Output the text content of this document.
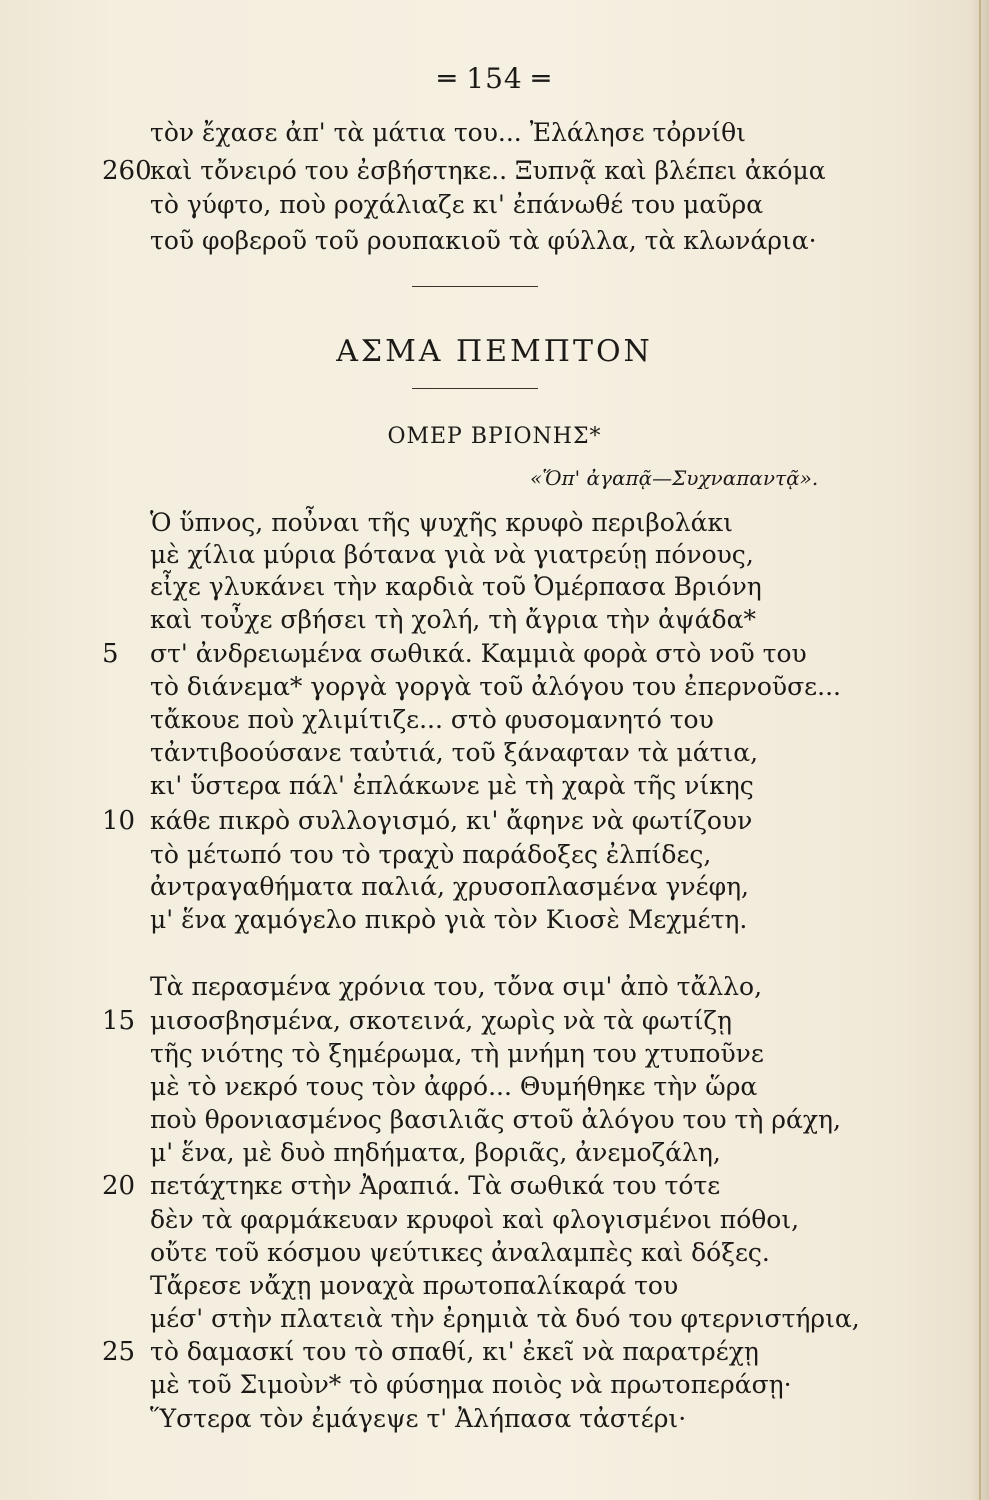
═ 154 ═
τὸν ἔχασε ἀπ' τὰ μάτια του... Ἐλάλησε τὀρνίθι
260
καὶ τὄνειρό του ἐσβήστηκε.. Ξυπνᾷ καὶ βλέπει ἀκόμα
τὸ γύφτο, ποὺ ροχάλιαζε κι' ἐπάνωθέ του μαῦρα
τοῦ φοβεροῦ τοῦ ρουπακιοῦ τὰ φύλλα, τὰ κλωνάρια·
ΑΣΜΑ ΠΕΜΠΤΟΝ
ΟΜΕΡ ΒΡΙΟΝΗΣ*
«Ὅπ' ἀγαπᾷ—Συχναπαντᾷ».
Ὁ ὕπνος, ποὖναι τῆς ψυχῆς κρυφὸ περιβολάκι
μὲ χίλια μύρια βότανα γιὰ νὰ γιατρεύῃ πόνους,
εἶχε γλυκάνει τὴν καρδιὰ τοῦ Ὀμέρπασα Βριόνη
καὶ τοὖχε σβήσει τὴ χολή, τὴ ἄγρια τὴν ἀψάδα*
5	στ' ἀνδρειωμένα σωθικά. Καμμιὰ φορὰ στὸ νοῦ του
τὸ διάνεμα* γοργὰ γοργὰ τοῦ ἀλόγου του ἐπερνοῦσε...
τἄκουε ποὺ χλιμίτιζε... στὸ φυσομανητό του
τἀντιβοούσανε ταὐτιά, τοῦ ξάναφταν τὰ μάτια,
κι' ὕστερα πάλ' ἐπλάκωνε μὲ τὴ χαρὰ τῆς νίκης
10 κάθε πικρὸ συλλογισμό, κι' ἄφηνε νὰ φωτίζουν
τὸ μέτωπό του τὸ τραχὺ παράδοξες ἐλπίδες,
ἀντραγαθήματα παλιά, χρυσοπλασμένα γνέφη,
μ' ἕνα χαμόγελο πικρὸ γιὰ τὸν Κιοσὲ Μεχμέτη.
Τὰ περασμένα χρόνια του, τὄνα σιμ' ἀπὸ τἄλλο,
15 μισοσβησμένα, σκοτεινά, χωρὶς νὰ τὰ φωτίζῃ
τῆς νιότης τὸ ξημέρωμα, τὴ μνήμη του χτυποῦνε
μὲ τὸ νεκρό τους τὸν ἀφρό... Θυμήθηκε τὴν ὥρα
ποὺ θρονιασμένος βασιλιᾶς στοῦ ἀλόγου του τὴ ράχη,
μ' ἕνα, μὲ δυὸ πηδήματα, βοριᾶς, ἀνεμοζάλη,
20 πετάχτηκε στὴν Ἀραπιά. Τὰ σωθικά του τότε
δὲν τὰ φαρμάκευαν κρυφοὶ καὶ φλογισμένοι πόθοι,
οὔτε τοῦ κόσμου ψεύτικες ἀναλαμπὲς καὶ δόξες.
Τἄρεσε νἄχῃ μοναχὰ πρωτοπαλίκαρά του
μέσ' στὴν πλατειὰ τὴν ἐρημιὰ τὰ δυό του φτερνιστήρια,
25 τὸ δαμασκί του τὸ σπαθί, κι' ἐκεῖ νὰ παρατρέχῃ
μὲ τοῦ Σιμοὺν* τὸ φύσημα ποιὸς νὰ πρωτοπεράσῃ·
Ὕστερα τὸν ἐμάγεψε τ' Ἀλήπασα τἀστέρι·
